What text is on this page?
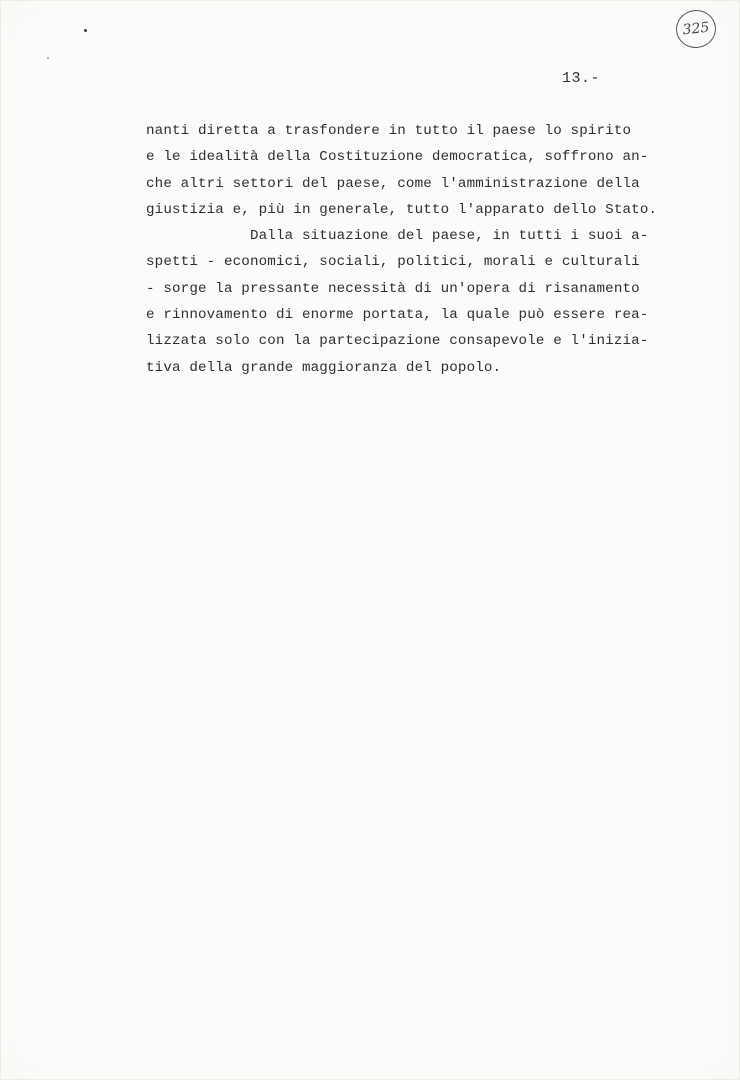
325
13.-
nanti diretta a trasfondere in tutto il paese lo spirito
e le idealità della Costituzione democratica, soffrono an-
che altri settori del paese, come l'amministrazione della
giustizia e, più in generale, tutto l'apparato dello Stato.
Dalla situazione del paese, in tutti i suoi a-
spetti - economici, sociali, politici, morali e culturali
- sorge la pressante necessità di un'opera di risanamento
e rinnovamento di enorme portata, la quale può essere rea-
lizzata solo con la partecipazione consapevole e l'inizia-
tiva della grande maggioranza del popolo.
